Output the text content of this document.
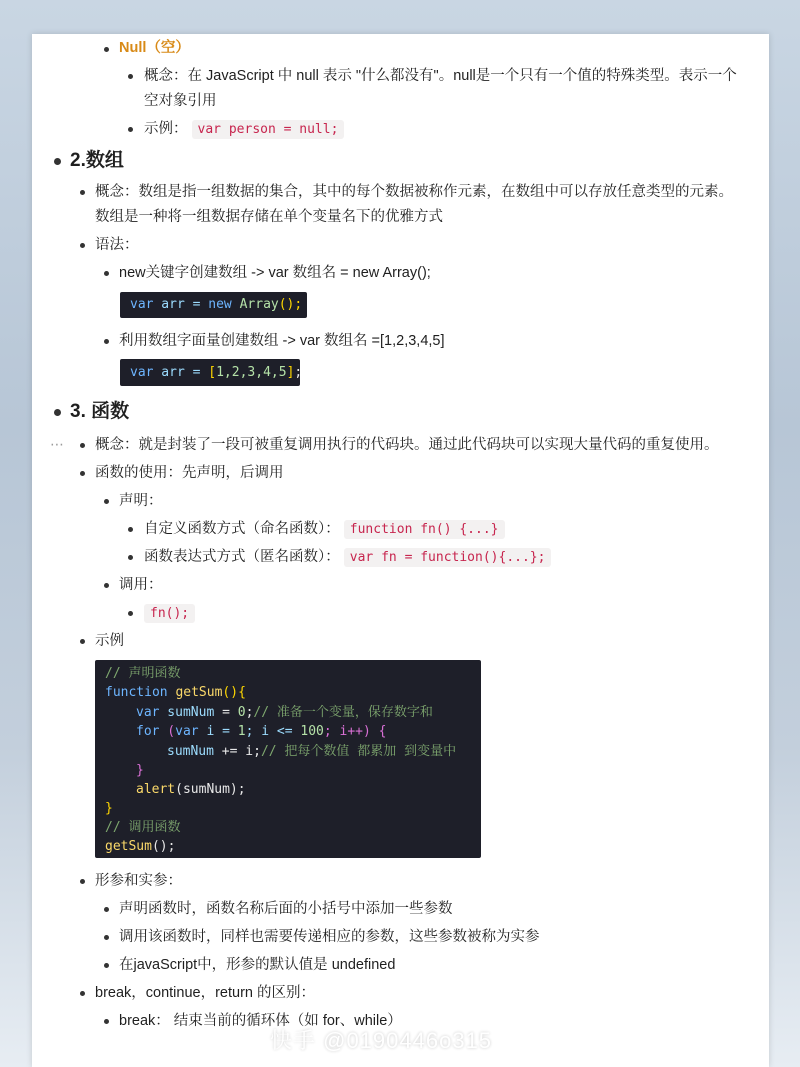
Null（空）
概念：在 JavaScript 中 null 表示 "什么都没有"。null是一个只有一个值的特殊类型。表示一个
空对象引用
示例： var person = null;
2.数组
概念：数组是指一组数据的集合，其中的每个数据被称作元素，在数组中可以存放任意类型的元素。
数组是一种将一组数据存储在单个变量名下的优雅方式
语法：
new关键字创建数组 -> var 数组名 = new Array();

var arr = new Array();

利用数组字面量创建数组 -> var 数组名 =[1,2,3,4,5]

var arr = [1,2,3,4,5];

3. 函数
概念：就是封装了一段可被重复调用执行的代码块。通过此代码块可以实现大量代码的重复使用。
函数的使用：先声明，后调用
声明：
自定义函数方式（命名函数）： function fn() {...}
函数表达式方式（匿名函数）： var fn = function(){...};
调用：
fn();
示例

// 声明函数

function getSum(){

var sumNum = 0;// 准备一个变量，保存数字和

for (var i = 1; i <= 100; i++) {

sumNum += i;// 把每个数值 都累加 到变量中

}

alert(sumNum);

}

// 调用函数

getSum();

形参和实参：
声明函数时，函数名称后面的小括号中添加一些参数
调用该函数时，同样也需要传递相应的参数，这些参数被称为实参
在javaScript中，形参的默认值是 undefined
break，continue，return 的区别：
break： 结束当前的循环体（如 for、while）
⋯
快手 @0190446o315
